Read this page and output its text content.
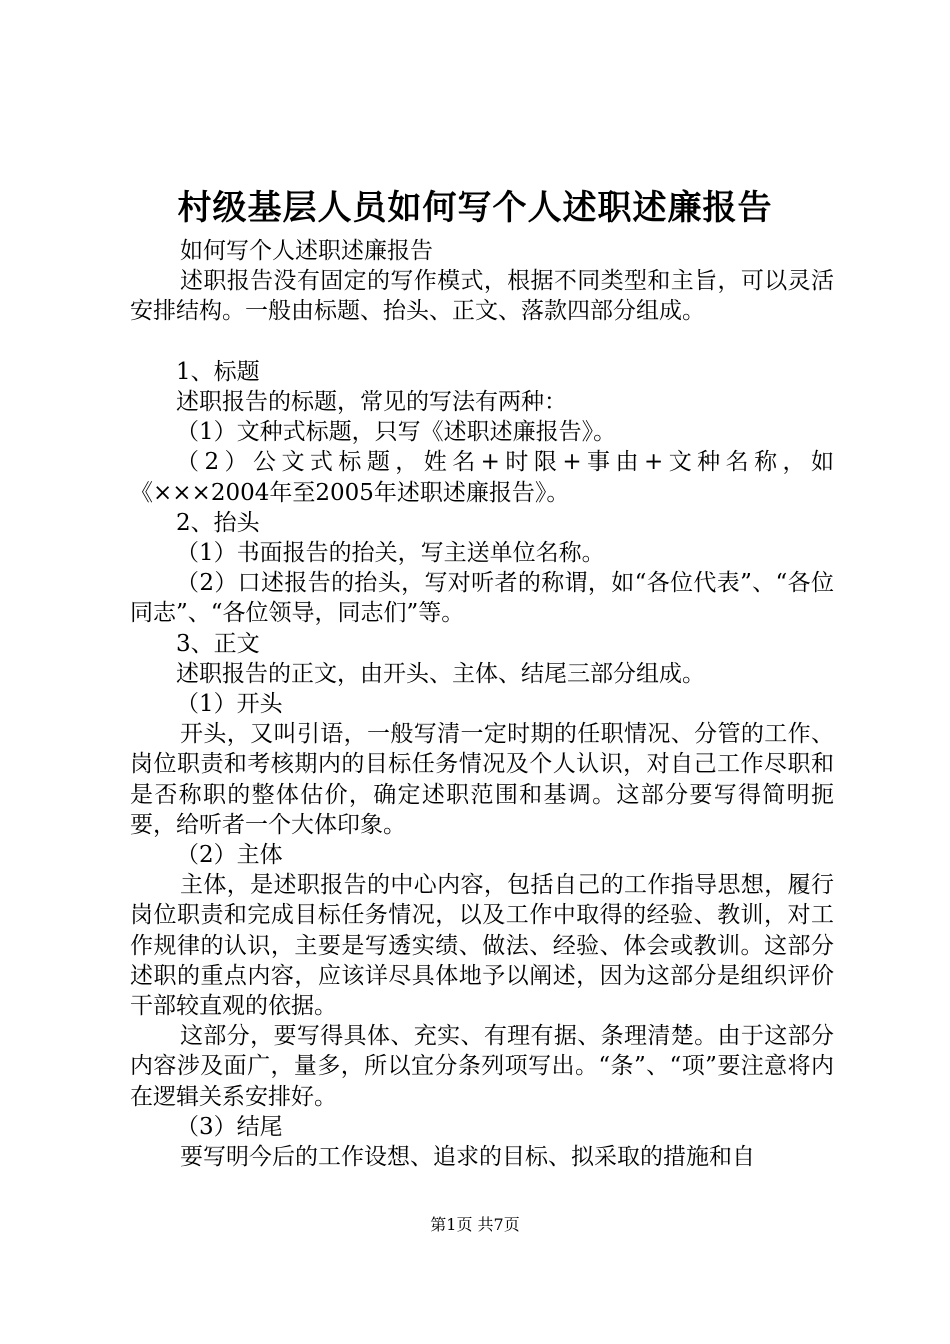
村级基层人员如何写个人述职述廉报告

如何写个人述职述廉报告

述职报告没有固定的写作模式，根据不同类型和主旨，可以灵活安排结构。一般由标题、抬头、正文、落款四部分组成。

1、标题

述职报告的标题，常见的写法有两种：

（1）文种式标题，只写《述职述廉报告》。

（2）公文式标题，姓名+时限+事由+文种名称，如《×××2004年至2005年述职述廉报告》。

2、抬头

（1）书面报告的抬关，写主送单位名称。

（2）口述报告的抬头，写对听者的称谓，如“各位代表”、“各位同志”、“各位领导，同志们”等。

3、正文

述职报告的正文，由开头、主体、结尾三部分组成。

（1）开头

开头，又叫引语，一般写清一定时期的任职情况、分管的工作、岗位职责和考核期内的目标任务情况及个人认识，对自己工作尽职和是否称职的整体估价，确定述职范围和基调。这部分要写得简明扼要，给听者一个大体印象。

（2）主体

主体，是述职报告的中心内容，包括自己的工作指导思想，履行岗位职责和完成目标任务情况，以及工作中取得的经验、教训，对工作规律的认识，主要是写透实绩、做法、经验、体会或教训。这部分述职的重点内容，应该详尽具体地予以阐述，因为这部分是组织评价干部较直观的依据。

这部分，要写得具体、充实、有理有据、条理清楚。由于这部分内容涉及面广，量多，所以宜分条列项写出。“条”、“项”要注意将内在逻辑关系安排好。

（3）结尾

要写明今后的工作设想、追求的目标、拟采取的措施和自

第1页 共7页
